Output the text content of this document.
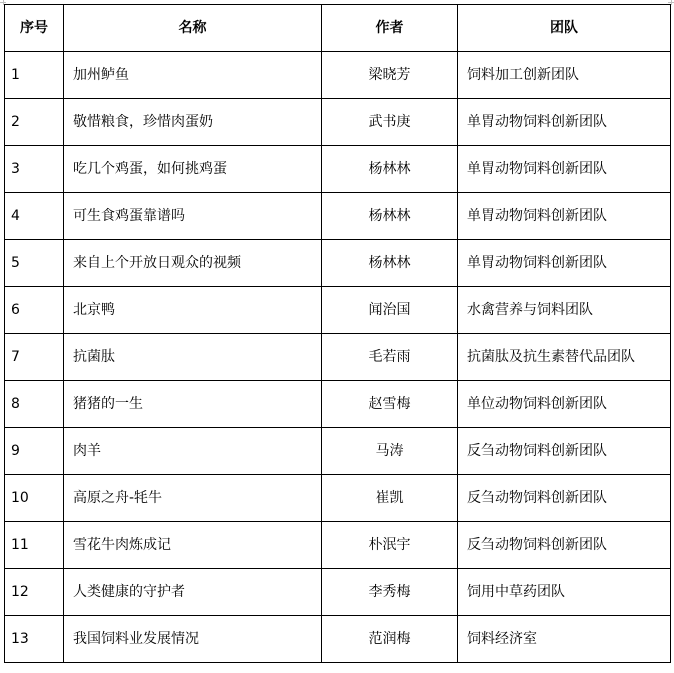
序号	名称	作者	团队
1	加州鲈鱼	梁晓芳	饲料加工创新团队
2	敬惜粮食，珍惜肉蛋奶	武书庚	单胃动物饲料创新团队
3	吃几个鸡蛋，如何挑鸡蛋	杨林林	单胃动物饲料创新团队
4	可生食鸡蛋靠谱吗	杨林林	单胃动物饲料创新团队
5	来自上个开放日观众的视频	杨林林	单胃动物饲料创新团队
6	北京鸭	闻治国	水禽营养与饲料团队
7	抗菌肽	毛若雨	抗菌肽及抗生素替代品团队
8	猪猪的一生	赵雪梅	单位动物饲料创新团队
9	肉羊	马涛	反刍动物饲料创新团队
10	高原之舟-牦牛	崔凯	反刍动物饲料创新团队
11	雪花牛肉炼成记	朴泯宇	反刍动物饲料创新团队
12	人类健康的守护者	李秀梅	饲用中草药团队
13	我国饲料业发展情况	范润梅	饲料经济室
